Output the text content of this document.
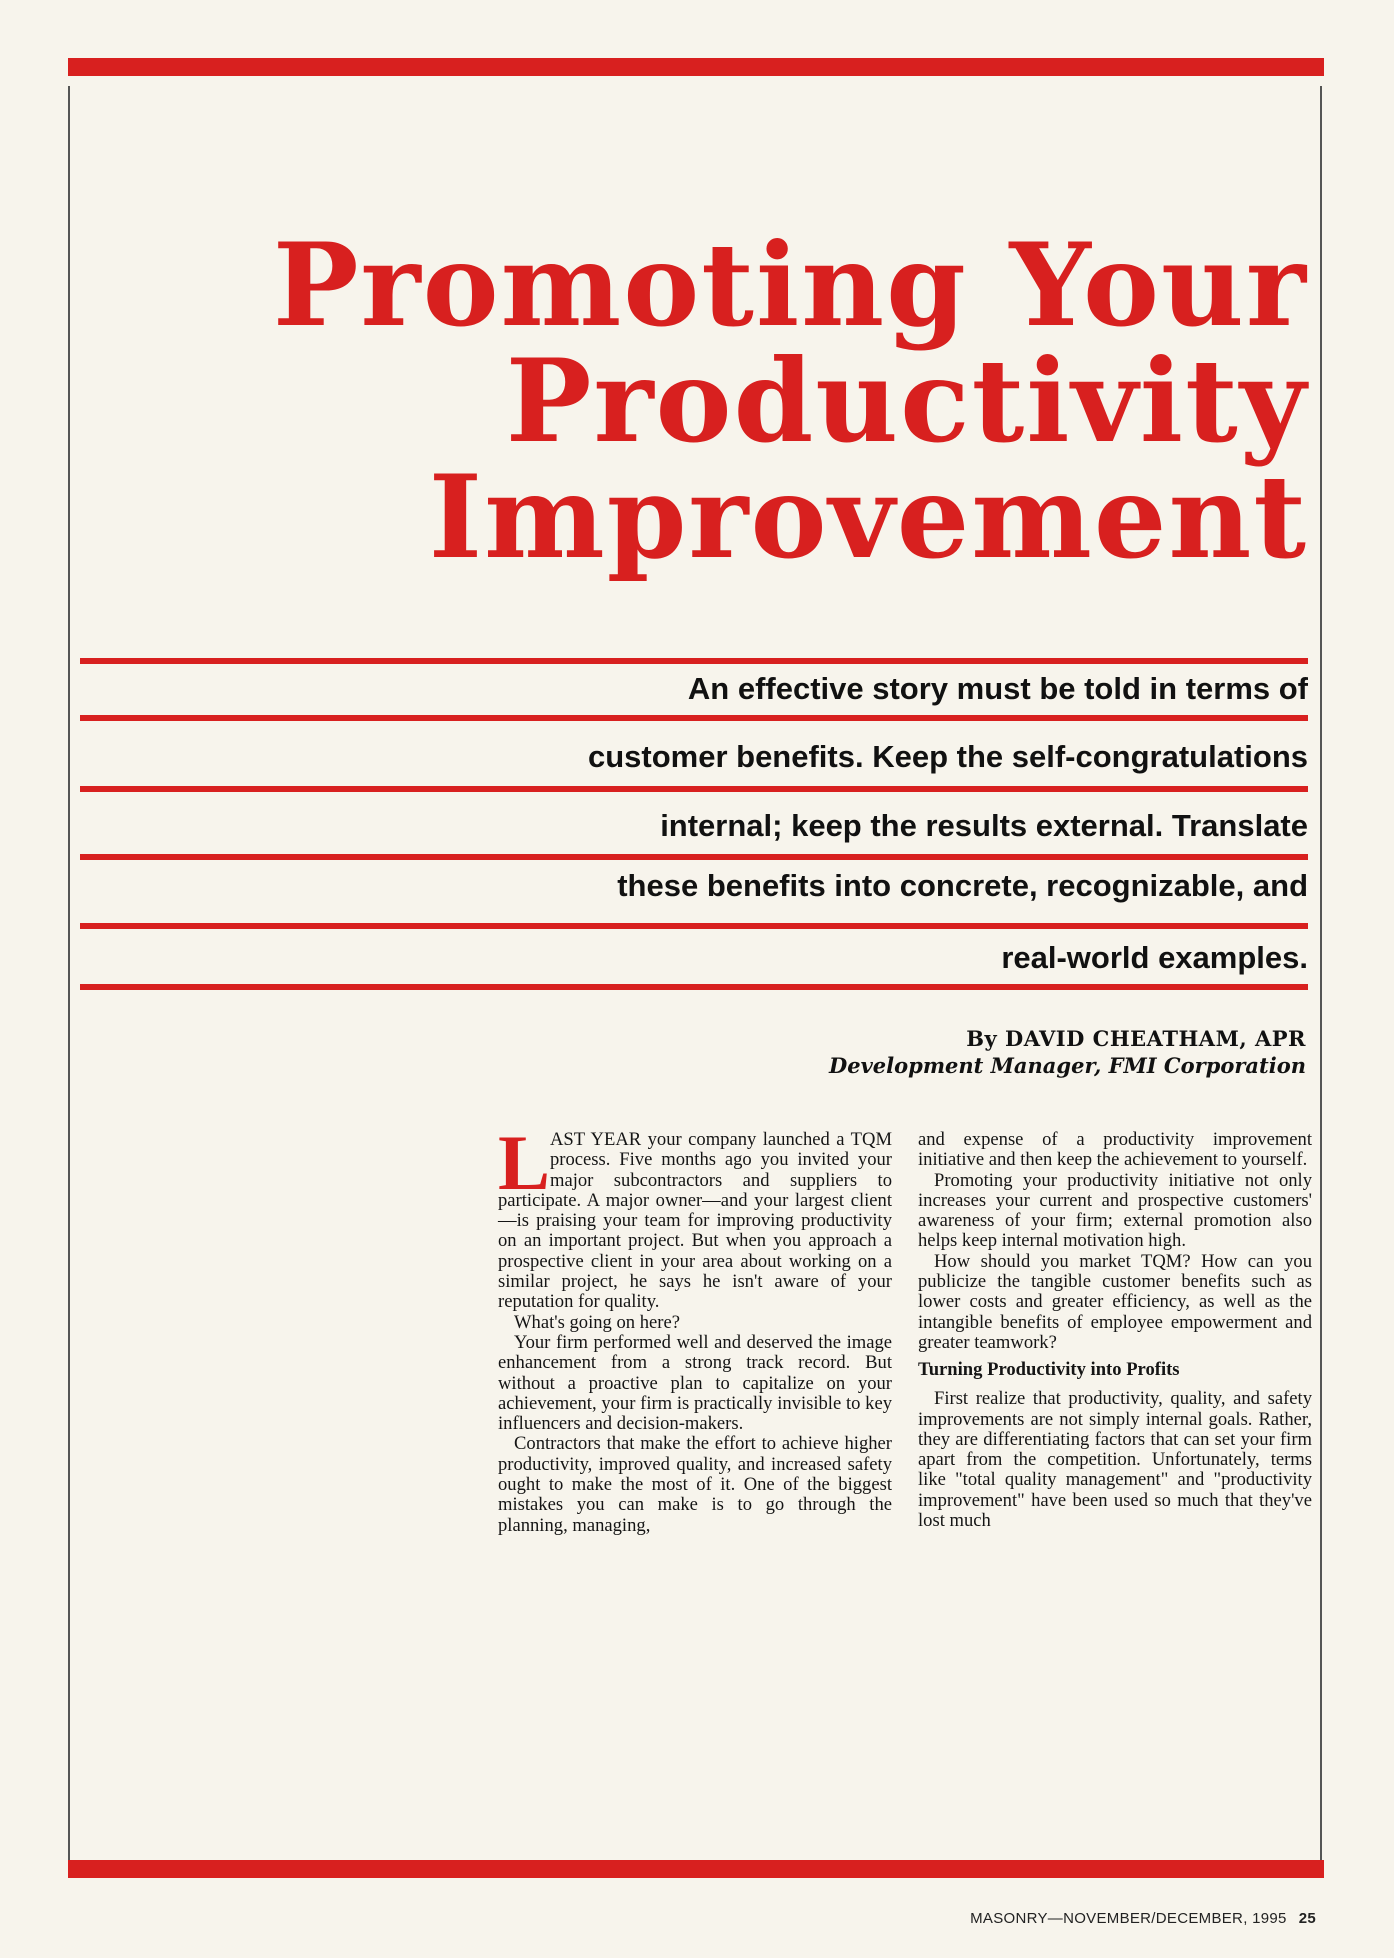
Promoting Your
Productivity
Improvement

An effective story must be told in terms of

customer benefits. Keep the self-congratulations

internal; keep the results external. Translate

these benefits into concrete, recognizable, and

real-world examples.

By DAVID CHEATHAM, APR
Development Manager, FMI Corporation

L AST YEAR your company launched a TQM process. Five months ago you invited your major subcontractors and suppliers to participate. A major owner—and your largest client—is praising your team for improving productivity on an important project. But when you approach a prospective client in your area about working on a similar project, he says he isn't aware of your reputation for quality.

What's going on here?

Your firm performed well and deserved the image enhancement from a strong track record. But without a proactive plan to capitalize on your achievement, your firm is practically invisible to key influencers and decision-makers.

Contractors that make the effort to achieve higher productivity, improved quality, and increased safety ought to make the most of it. One of the biggest mistakes you can make is to go through the planning, managing,

and expense of a productivity improvement initiative and then keep the achievement to yourself.

Promoting your productivity initiative not only increases your current and prospective customers' awareness of your firm; external promotion also helps keep internal motivation high.

How should you market TQM? How can you publicize the tangible customer benefits such as lower costs and greater efficiency, as well as the intangible benefits of employee empowerment and greater teamwork?

Turning Productivity into Profits

First realize that productivity, quality, and safety improvements are not simply internal goals. Rather, they are differentiating factors that can set your firm apart from the competition. Unfortunately, terms like "total quality management" and "productivity improvement" have been used so much that they've lost much

MASONRY—NOVEMBER/DECEMBER, 1995 25
